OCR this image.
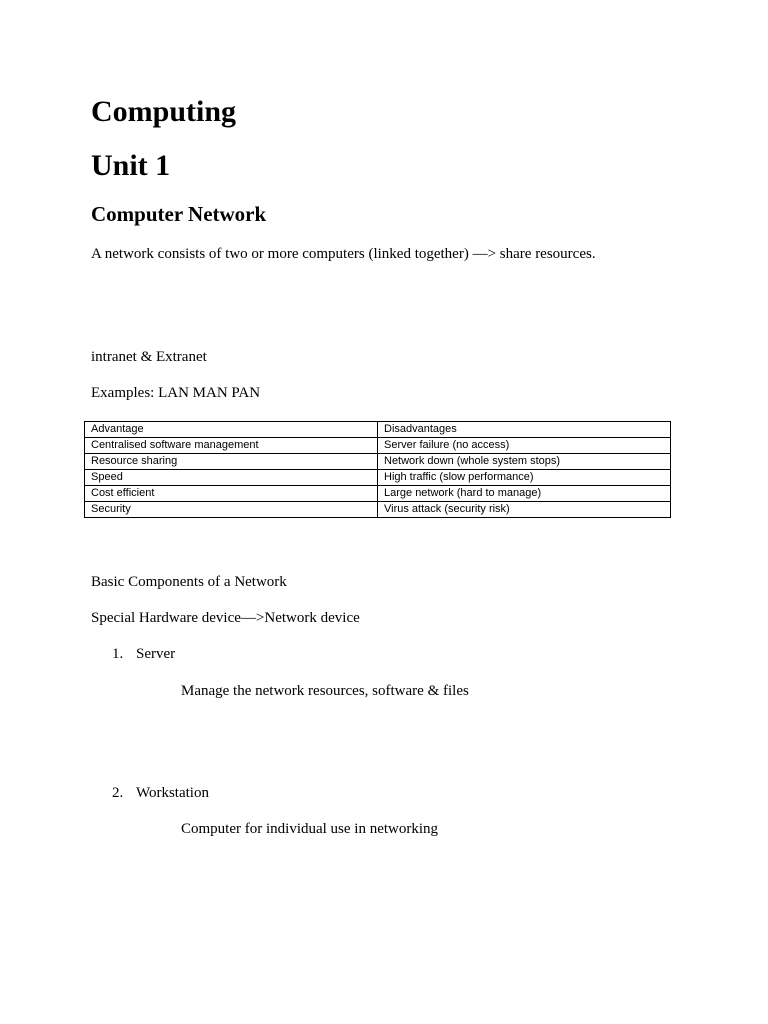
Computing
Unit 1
Computer Network
A network consists of two or more computers (linked together) —> share resources.
intranet & Extranet
Examples: LAN MAN PAN
Advantage	Disadvantages
Centralised software management	Server failure (no access)
Resource sharing	Network down (whole system stops)
Speed	High traffic (slow performance)
Cost efficient	Large network (hard to manage)
Security	Virus attack (security risk)
Basic Components of a Network
Special Hardware device—>Network device
1. Server
Manage the network resources, software & files
2. Workstation
Computer for individual use in networking
